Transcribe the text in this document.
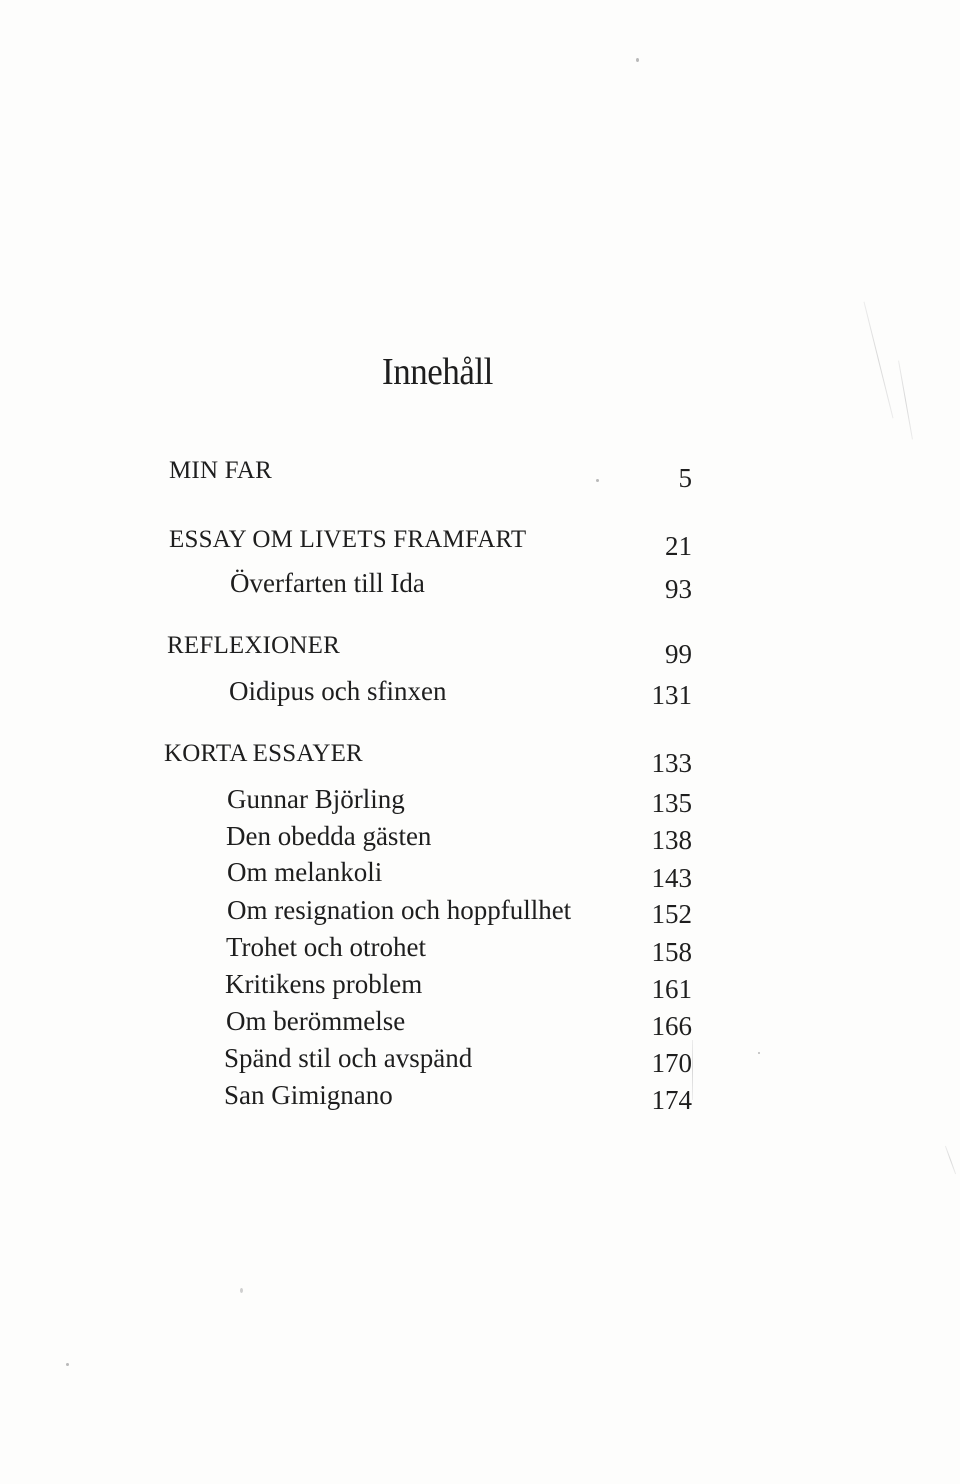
Innehåll
MIN FAR	5
ESSAY OM LIVETS FRAMFART	21
Överfarten till Ida	93
REFLEXIONER	99
Oidipus och sfinxen	131
KORTA ESSAYER	133
Gunnar Björling	135
Den obedda gästen	138
Om melankoli	143
Om resignation och hoppfullhet	152
Trohet och otrohet	158
Kritikens problem	161
Om berömmelse	166
Spänd stil och avspänd	170
San Gimignano	174
